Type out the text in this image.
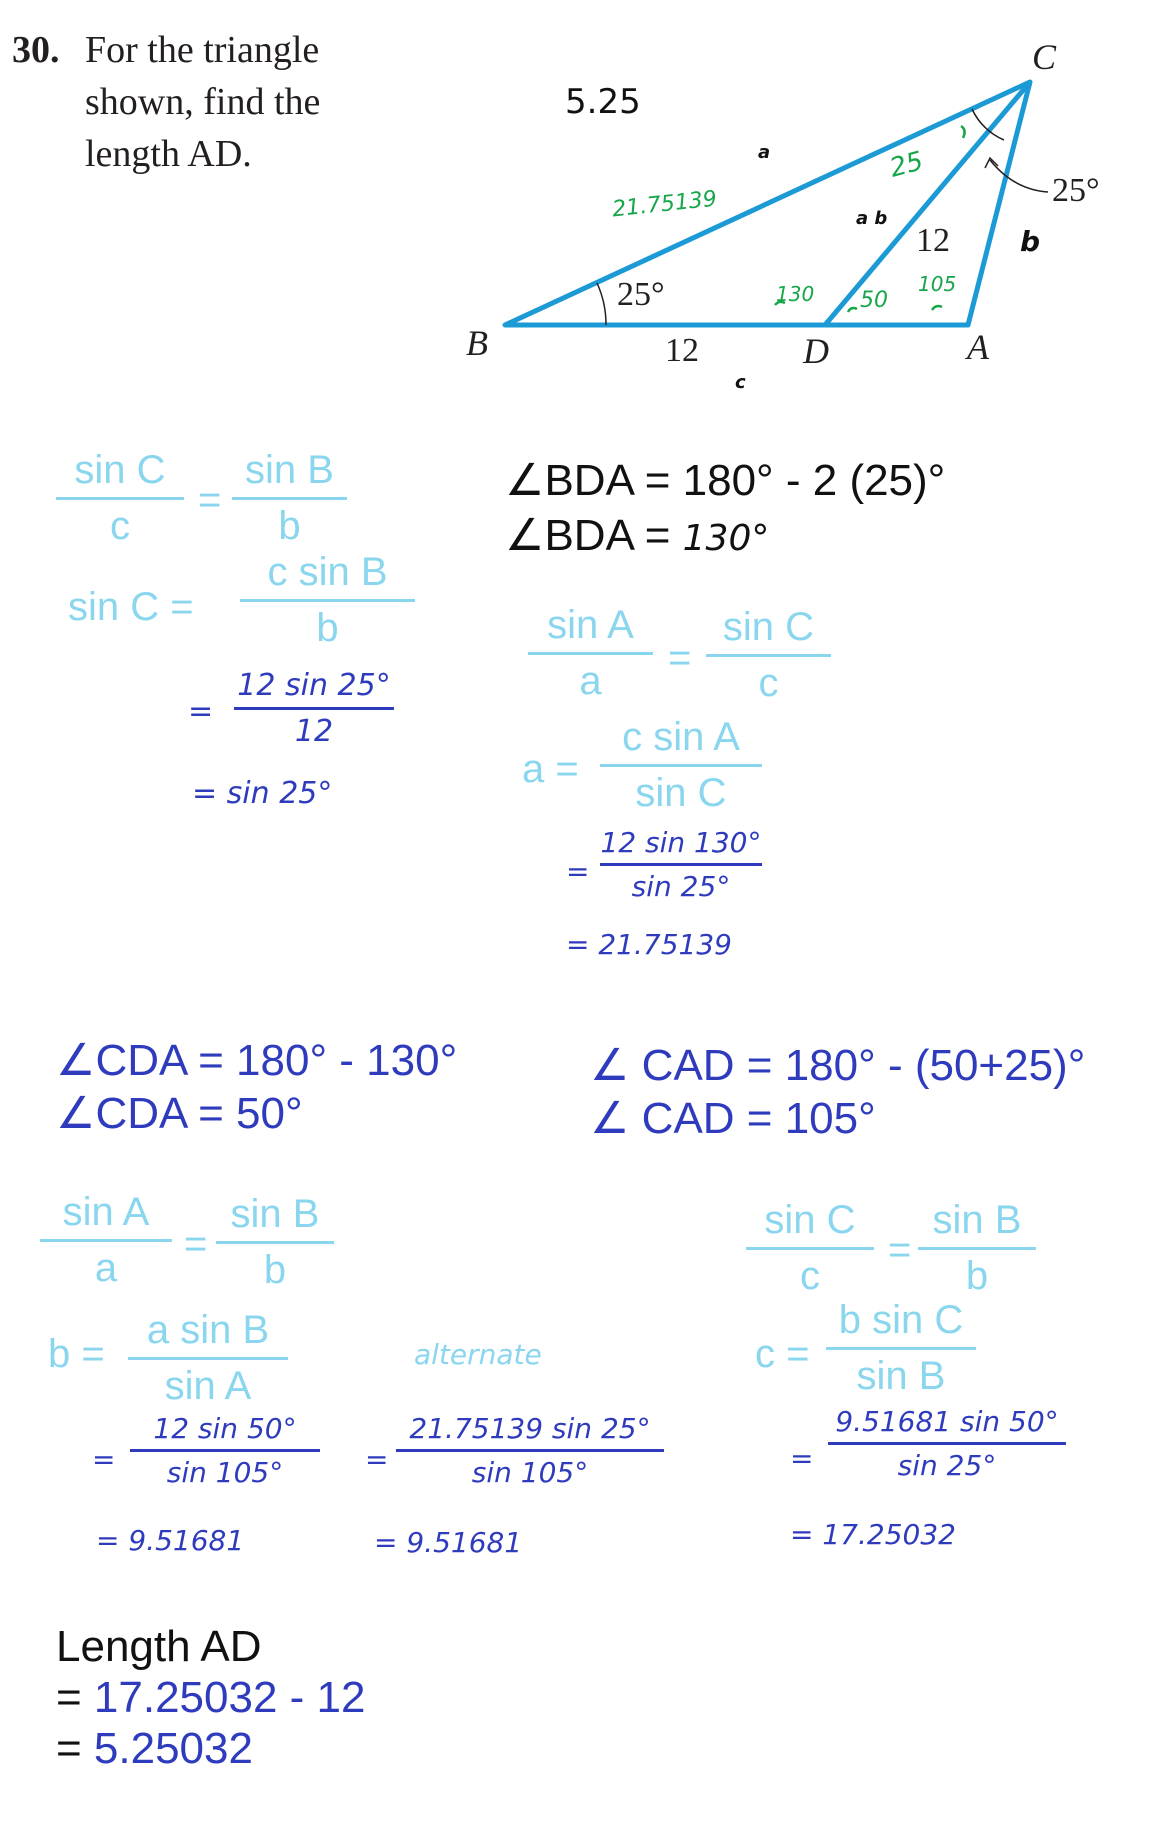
30. For the triangle
shown, find the
length AD.
C
B	D	A
25°
25°
12
12
5.25
a
a b
b
c
21.75139
25
130 50
105
sin C
c
=
sin B
b
sin C =
c sin B
b
=
12 sin 25°
12
= sin 25°
∠BDA = 180° - 2 (25)°
∠BDA = 130°
sin A
a
=
sin C
c
a =
c sin A
sin C
=
12 sin 130°
sin 25°
= 21.75139
∠CDA = 180° - 130°
∠CDA = 50°
∠ CAD = 180° - (50+25)°
∠ CAD = 105°
sin A
a
=
sin B
b
b =
a sin B
sin A
=
12 sin 50°
sin 105°
= 9.51681
alternate
=
21.75139 sin 25°
sin 105°
= 9.51681
sin C
c
=
sin B
b
c =
b sin C
sin B
=
9.51681 sin 50°
sin 25°
= 17.25032
Length AD
= 17.25032 - 12
= 5.25032
